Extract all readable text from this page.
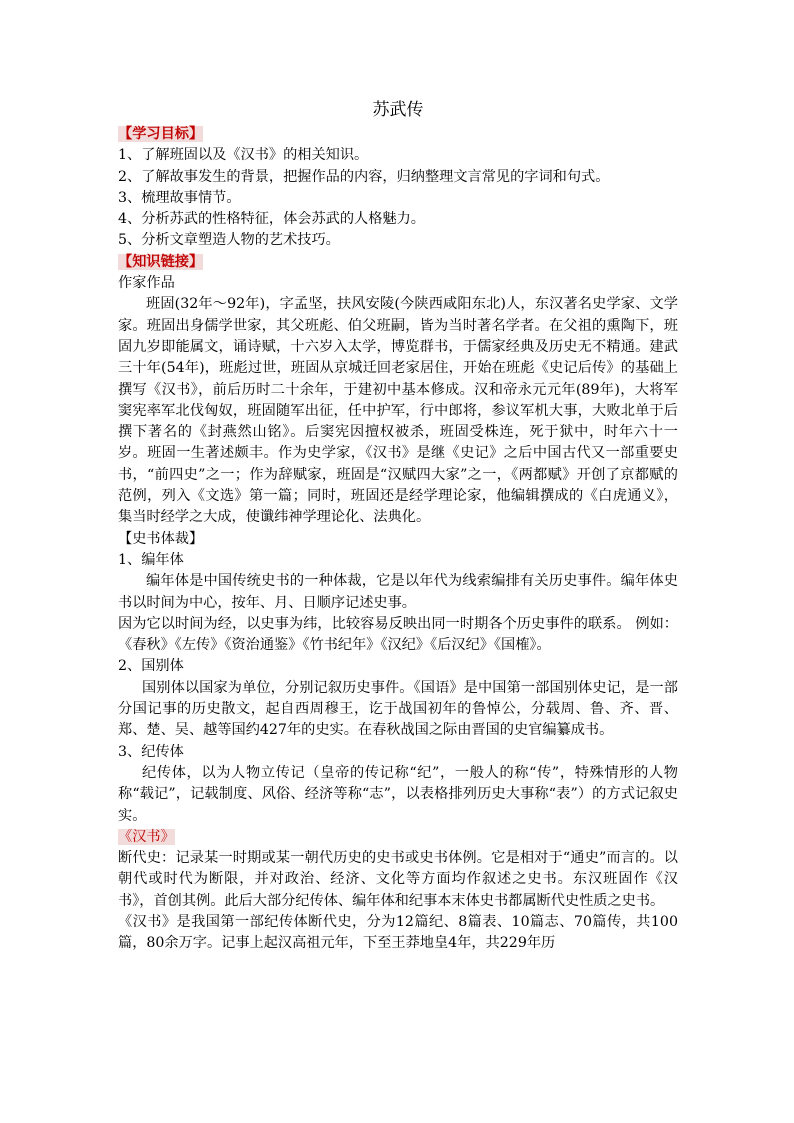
苏武传
【学习目标】
1、了解班固以及《汉书》的相关知识。
2、了解故事发生的背景，把握作品的内容，归纳整理文言常见的字词和句式。
3、梳理故事情节。
4、分析苏武的性格特征，体会苏武的人格魅力。
5、分析文章塑造人物的艺术技巧。
【知识链接】
作家作品

班固(32年～92年)，字孟坚，扶风安陵(今陕西咸阳东北)人，东汉著名史学家、文学家。班固出身儒学世家，其父班彪、伯父班嗣，皆为当时著名学者。在父祖的熏陶下，班固九岁即能属文，诵诗赋，十六岁入太学，博览群书，于儒家经典及历史无不精通。建武三十年(54年)，班彪过世，班固从京城迁回老家居住，开始在班彪《史记后传》的基础上撰写《汉书》，前后历时二十余年，于建初中基本修成。汉和帝永元元年(89年)，大将军窦宪率军北伐匈奴，班固随军出征，任中护军，行中郎将，参议军机大事，大败北单于后撰下著名的《封燕然山铭》。后窦宪因擅权被杀，班固受株连，死于狱中，时年六十一岁。班固一生著述颇丰。作为史学家，《汉书》是继《史记》之后中国古代又一部重要史书，“前四史”之一；作为辞赋家，班固是“汉赋四大家”之一，《两都赋》开创了京都赋的范例，列入《文选》第一篇；同时，班固还是经学理论家，他编辑撰成的《白虎通义》，集当时经学之大成，使谶纬神学理论化、法典化。

【史书体裁】
1、编年体

编年体是中国传统史书的一种体裁，它是以年代为线索编排有关历史事件。编年体史书以时间为中心，按年、月、日顺序记述史事。

因为它以时间为经，以史事为纬，比较容易反映出同一时期各个历史事件的联系。 例如：《春秋》《左传》《资治通鉴》《竹书纪年》《汉纪》《后汉纪》《国榷》。

2、国别体

国别体以国家为单位，分别记叙历史事件。《国语》是中国第一部国别体史记，是一部分国记事的历史散文，起自西周穆王，讫于战国初年的鲁悼公，分载周、鲁、齐、晋、郑、楚、吴、越等国约427年的史实。在春秋战国之际由晋国的史官编纂成书。

3、纪传体

纪传体，以为人物立传记（皇帝的传记称“纪”，一般人的称“传”，特殊情形的人物称“载记”，记载制度、风俗、经济等称“志”，以表格排列历史大事称“表”）的方式记叙史实。

《汉书》

断代史：记录某一时期或某一朝代历史的史书或史书体例。它是相对于“通史”而言的。以朝代或时代为断限，并对政治、经济、文化等方面均作叙述之史书。东汉班固作《汉书》，首创其例。此后大部分纪传体、编年体和纪事本末体史书都属断代史性质之史书。

《汉书》是我国第一部纪传体断代史，分为12篇纪、8篇表、10篇志、70篇传，共100篇，80余万字。记事上起汉高祖元年，下至王莽地皇4年，共229年历
